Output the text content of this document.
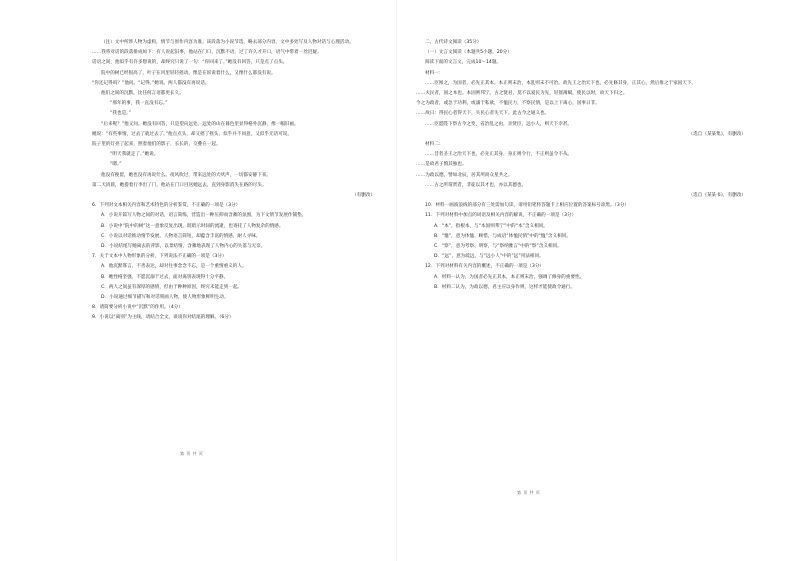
（注）文中所涉人物为虚构，情节与原作内容为准。该段落为小说节选，略去部分内容，文中多处写及人物对话与心理活动。

……我将对话的段落排成如下：有人说起旧事，他站在门口，沉默不语，过了许久才开口，语气中带着一丝迟疑。

话语之间，他似乎有许多想说的，却终究只说了一句：“你回来了。”她没有回答，只是点了点头。

院中的树已经很高了，叶子在风里轻轻摇动，像是在诉说着什么，又像什么都没有说。

“你还记得吗？”他问。“记得。”她说。两人都没有再说话。

他们之间的沉默，比任何言语都更长久。

“那年的事，我一直没有忘。”

“我也是。”

“后来呢？”他又问。她没有回答，只是望向远处。远处的山在暮色里显得格外沉静，像一幅旧画。

她说：“有些事情，过去了就过去了。”他点点头，却又摇了摇头，似乎并不同意，又似乎无话可说。

院子里的灯亮了起来，照着他们的影子，长长的，交叠在一起。

“明天我就走了。”她说。

“嗯。”

他没有挽留，她也没有再说什么。夜风吹过，带来远处的犬吠声，一切都安静下来。

第二天清晨，她提着行李出了门，他站在门口目送她远去，直到身影消失在路的尽头。

（有删改）

6．下列对文本相关内容和艺术特色的分析鉴赏，不正确的一项是（3分）

A．小说开篇写人物之间的对话，语言简练，营造出一种压抑而含蓄的氛围，为下文情节发展作铺垫。

B．小说中“院中的树”这一意象反复出现，既暗示时间的流逝，也寄托了人物复杂的情感。

C．小说以对话推动情节发展，人物语言简短，却蕴含丰富的情感，耐人寻味。

D．小说结尾写她离去的背影，以景结情，含蓄地表现了人物内心的失落与无奈。

7．关于文本中人物形象的分析，下列说法不正确的一项是（3分）

A．他沉默寡言，不善表达，却对往事念念不忘，是一个重情重义的人。

B．她性格坚强，不愿沉溺于过去，面对离别表现得十分平静。

C．两人之间虽有深厚的感情，但由于种种原因，终究未能走到一起。

D．小说通过细节描写和对话刻画人物，使人物形象鲜明生动。

8．请简要分析小说中“沉默”的作用。（4分）

9．小说以“离别”为主线，请结合全文，谈谈你对结尾的理解。（6分）

第 页 共 页

二、古代诗文阅读（35分）

（一）文言文阅读（本题共5小题，20分）

阅读下面的文言文，完成10～14题。

材料一：

……臣闻之，为国者，必先正其本。本正则末治，本乱则末不可治。故先王之治天下也，必先修其身，正其心，然后推之于家国天下。

……夫民者，国之本也。本固则邦宁。古之贤君，莫不以爱民为先，轻徭薄赋，使民以时，故天下归之。

今之为政者，或急于功利，或溺于私欲，不恤民力，不察民情，是以上下离心，国事日非。

……故曰：得民心者得天下，失民心者失天下。此古今之通义也。

……臣愿陛下察古今之变，省治乱之由，亲贤臣，远小人，则天下幸甚。

（选自《某某集》，有删改）

材料二：

……昔者圣王之治天下也，必先正其身，身正则令行，不正则虽令不从。

……是故君子慎其独也。

……为政以德，譬如北辰，居其所而众星共之。

……古之所谓贤者，非徒以其才也，亦以其德也。

（选自《某某书》，有删改）

10．材料一画波浪线的部分有三处需加句读，请用铅笔将答题卡上相应位置的答案标号涂黑。（3分）

11．下列对材料中加点的词语及相关内容的解说，不正确的一项是（3分）

A．“本”，指根本，与“本固则邦宁”中的“本”含义相同。

B．“恤”，意为体恤、顾惜，与成语“体恤民情”中的“恤”含义相同。

C．“察”，意为考察、明察，与“察纳雅言”中的“察”含义相同。

D．“远”，意为疏远，与“远小人”中的“远”用法相同。

12．下列对材料有关内容的概述，不正确的一项是（3分）

A．材料一认为，为国者必先正其本，本正则末治，强调了修身的重要性。

B．材料二认为，为政以德，君主应以身作则，这样才能使政令通行。

第 页 共 页
